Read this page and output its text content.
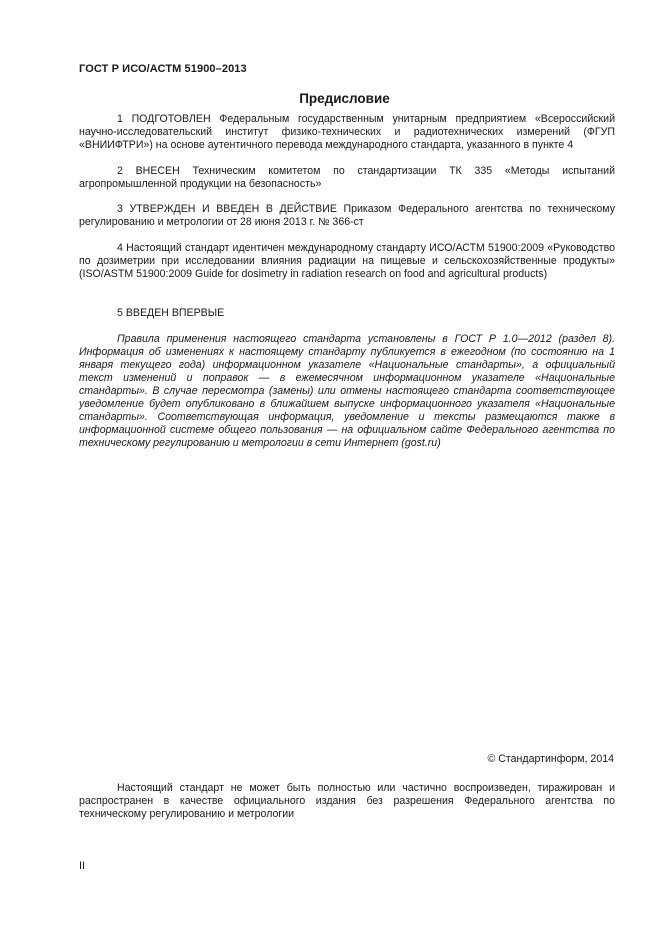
ГОСТ Р ИСО/АСТМ 51900–2013
Предисловие

1 ПОДГОТОВЛЕН Федеральным государственным унитарным предприятием «Всероссийский научно-исследовательский институт физико-технических и радиотехнических измерений (ФГУП «ВНИИФТРИ») на основе аутентичного перевода международного стандарта, указанного в пункте 4

2 ВНЕСЕН Техническим комитетом по стандартизации ТК 335 «Методы испытаний агропромышленной продукции на безопасность»

3 УТВЕРЖДЕН И ВВЕДЕН В ДЕЙСТВИЕ Приказом Федерального агентства по техническому регулированию и метрологии от 28 июня 2013 г. № 366-ст

4 Настоящий стандарт идентичен международному стандарту ИСО/АСТМ 51900:2009 «Руководство по дозиметрии при исследовании влияния радиации на пищевые и сельскохозяйственные продукты» (ISO/ASTM 51900:2009 Guide for dosimetry in radiation research on food and agricultural products)

5 ВВЕДЕН ВПЕРВЫЕ

Правила применения настоящего стандарта установлены в ГОСТ Р 1.0—2012 (раздел 8). Информация об изменениях к настоящему стандарту публикуется в ежегодном (по состоянию на 1 января текущего года) информационном указателе «Национальные стандарты», а официальный текст изменений и поправок — в ежемесячном информационном указателе «Национальные стандарты». В случае пересмотра (замены) или отмены настоящего стандарта соответствующее уведомление будет опубликовано в ближайшем выпуске информационного указателя «Национальные стандарты». Соответствующая информация, уведомление и тексты размещаются также в информационной системе общего пользования — на официальном сайте Федерального агентства по техническому регулированию и метрологии в сети Интернет (gost.ru)

© Стандартинформ, 2014

Настоящий стандарт не может быть полностью или частично воспроизведен, тиражирован и распространен в качестве официального издания без разрешения Федерального агентства по техническому регулированию и метрологии

II
